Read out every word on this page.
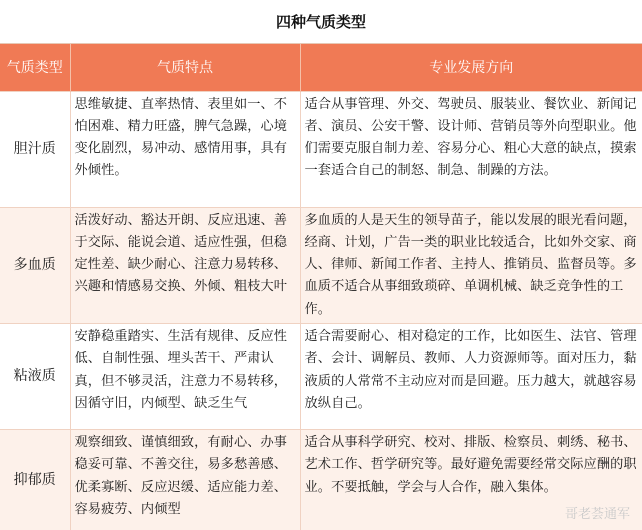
四种气质类型
气质类型	气质特点	专业发展方向
胆汁质	思维敏捷、直率热情、表里如一、不怕困难、精力旺盛，脾气急躁，心境变化剧烈，易冲动、感情用事，具有外倾性。	适合从事管理、外交、驾驶员、服装业、餐饮业、新闻记者、演员、公安干警、设计师、营销员等外向型职业。他们需要克服自制力差、容易分心、粗心大意的缺点，摸索一套适合自己的制怒、制急、制躁的方法。
多血质	活泼好动、豁达开朗、反应迅速、善于交际、能说会道、适应性强，但稳定性差、缺少耐心、注意力易转移、兴趣和情感易交换、外倾、粗枝大叶	多血质的人是天生的领导苗子，能以发展的眼光看问题，经商、计划，广告一类的职业比较适合，比如外交家、商人、律师、新闻工作者、主持人、推销员、监督员等。多血质不适合从事细致琐碎、单调机械、缺乏竞争性的工作。
粘液质	安静稳重踏实、生活有规律、反应性低、自制性强、埋头苦干、严肃认真，但不够灵活，注意力不易转移，因循守旧，内倾型、缺乏生气	适合需要耐心、相对稳定的工作，比如医生、法官、管理者、会计、调解员、教师、人力资源师等。面对压力，黏液质的人常常不主动应对而是回避。压力越大，就越容易放纵自己。
抑郁质	观察细致、谨慎细致，有耐心、办事稳妥可靠、不善交往，易多愁善感、优柔寡断、反应迟缓、适应能力差、容易疲劳、内倾型	适合从事科学研究、校对、排版、检察员、刺绣、秘书、艺术工作、哲学研究等。最好避免需要经常交际应酬的职业。不要抵触，学会与人合作，融入集体。
哥老荟通军
